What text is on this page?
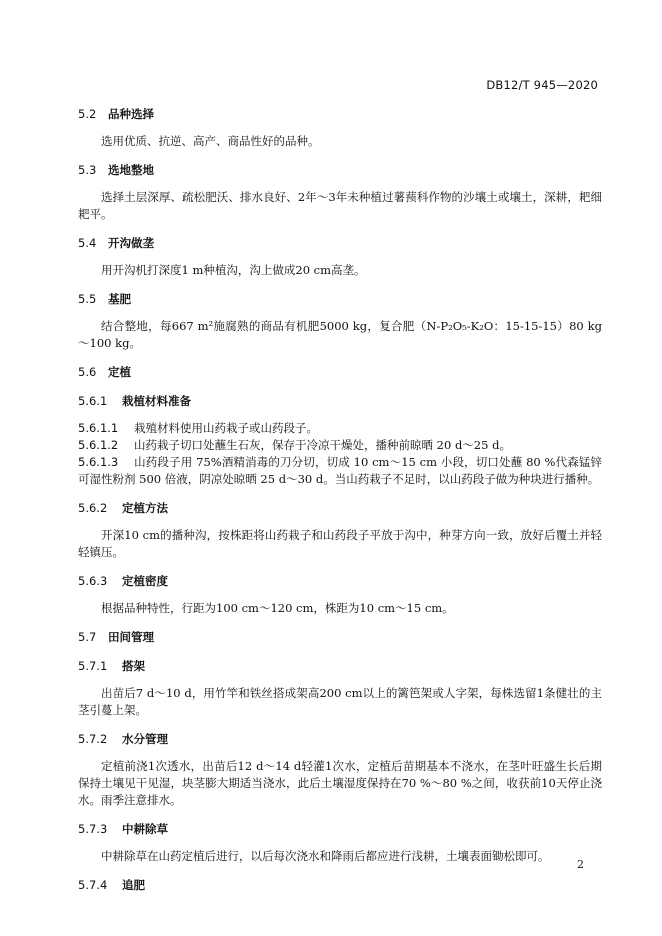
DB12/T 945—2020
5.2 品种选择
选用优质、抗逆、高产、商品性好的品种。
5.3 选地整地
选择土层深厚、疏松肥沃、排水良好、2年～3年未种植过薯蓣科作物的沙壤土或壤土，深耕，耙细耙平。
5.4 开沟做垄
用开沟机打深度1 m种植沟，沟上做成20 cm高垄。
5.5 基肥
结合整地，每667 m²施腐熟的商品有机肥5000 kg，复合肥（N-P₂O₅-K₂O：15-15-15）80 kg～100 kg。
5.6 定植
5.6.1 栽植材料准备
5.6.1.1 栽殖材料使用山药栽子或山药段子。
5.6.1.2 山药栽子切口处蘸生石灰，保存于冷凉干燥处，播种前晾晒 20 d～25 d。
5.6.1.3 山药段子用 75%酒精消毒的刀分切，切成 10 cm～15 cm 小段，切口处蘸 80 %代森锰锌可湿性粉剂 500 倍液，阴凉处晾晒 25 d～30 d。当山药栽子不足时，以山药段子做为种块进行播种。
5.6.2 定植方法
开深10 cm的播种沟，按株距将山药栽子和山药段子平放于沟中，种芽方向一致，放好后覆土并轻轻镇压。
5.6.3 定植密度
根据品种特性，行距为100 cm～120 cm，株距为10 cm～15 cm。
5.7 田间管理
5.7.1 搭架
出苗后7 d～10 d，用竹竿和铁丝搭成架高200 cm以上的篱笆架或人字架，每株选留1条健壮的主茎引蔓上架。
5.7.2 水分管理
定植前浇1次透水，出苗后12 d～14 d轻灌1次水，定植后苗期基本不浇水，在茎叶旺盛生长后期保持土壤见干见湿，块茎膨大期适当浇水，此后土壤湿度保持在70 %～80 %之间，收获前10天停止浇水。雨季注意排水。
5.7.3 中耕除草
中耕除草在山药定植后进行，以后每次浇水和降雨后都应进行浅耕，土壤表面锄松即可。
5.7.4 追肥
2
